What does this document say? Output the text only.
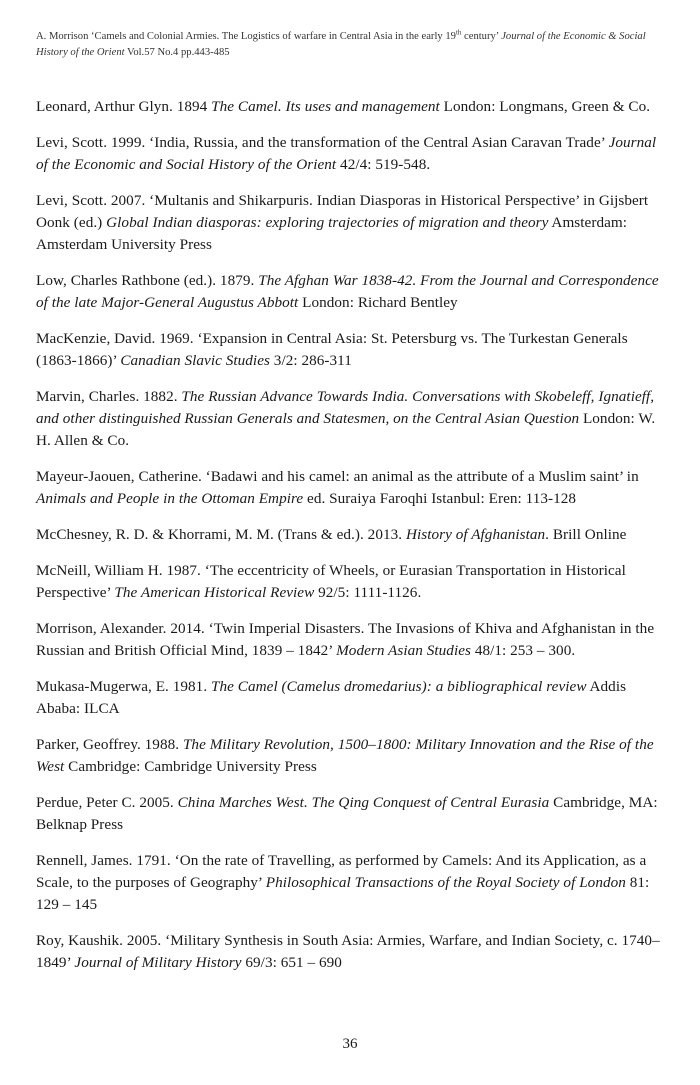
A. Morrison ‘Camels and Colonial Armies. The Logistics of warfare in Central Asia in the early 19th century’ Journal of the Economic & Social History of the Orient Vol.57 No.4 pp.443-485

Leonard, Arthur Glyn. 1894 The Camel. Its uses and management London: Longmans, Green & Co.

Levi, Scott. 1999. ‘India, Russia, and the transformation of the Central Asian Caravan Trade’ Journal of the Economic and Social History of the Orient 42/4: 519-548.

Levi, Scott. 2007. ‘Multanis and Shikarpuris. Indian Diasporas in Historical Perspective’ in Gijsbert Oonk (ed.) Global Indian diasporas: exploring trajectories of migration and theory Amsterdam: Amsterdam University Press

Low, Charles Rathbone (ed.). 1879. The Afghan War 1838-42. From the Journal and Correspondence of the late Major-General Augustus Abbott London: Richard Bentley

MacKenzie, David. 1969. ‘Expansion in Central Asia: St. Petersburg vs. The Turkestan Generals (1863-1866)’ Canadian Slavic Studies 3/2: 286-311

Marvin, Charles. 1882. The Russian Advance Towards India. Conversations with Skobeleff, Ignatieff, and other distinguished Russian Generals and Statesmen, on the Central Asian Question London: W. H. Allen & Co.

Mayeur-Jaouen, Catherine. ‘Badawi and his camel: an animal as the attribute of a Muslim saint’ in Animals and People in the Ottoman Empire ed. Suraiya Faroqhi Istanbul: Eren: 113-128

McChesney, R. D. & Khorrami, M. M. (Trans & ed.). 2013. History of Afghanistan. Brill Online

McNeill, William H. 1987. ‘The eccentricity of Wheels, or Eurasian Transportation in Historical Perspective’ The American Historical Review 92/5: 1111-1126.

Morrison, Alexander. 2014. ‘Twin Imperial Disasters. The Invasions of Khiva and Afghanistan in the Russian and British Official Mind, 1839 – 1842’ Modern Asian Studies 48/1: 253 – 300.

Mukasa-Mugerwa, E. 1981. The Camel (Camelus dromedarius): a bibliographical review Addis Ababa: ILCA

Parker, Geoffrey. 1988. The Military Revolution, 1500–1800: Military Innovation and the Rise of the West Cambridge: Cambridge University Press

Perdue, Peter C. 2005. China Marches West. The Qing Conquest of Central Eurasia Cambridge, MA: Belknap Press

Rennell, James. 1791. ‘On the rate of Travelling, as performed by Camels: And its Application, as a Scale, to the purposes of Geography’ Philosophical Transactions of the Royal Society of London 81: 129 – 145

Roy, Kaushik. 2005. ‘Military Synthesis in South Asia: Armies, Warfare, and Indian Society, c. 1740–1849’ Journal of Military History 69/3: 651 – 690

36
